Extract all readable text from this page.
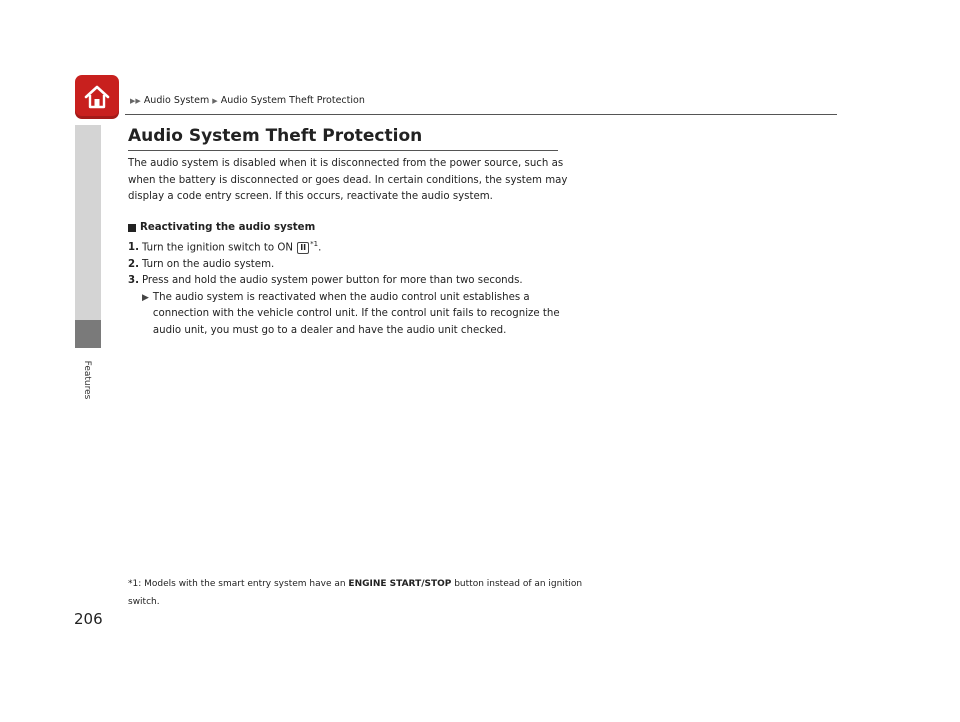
▶▶ Audio System ▶ Audio System Theft Protection
Features
Audio System Theft Protection

The audio system is disabled when it is disconnected from the power source, such as when the battery is disconnected or goes dead. In certain conditions, the system may display a code entry screen. If this occurs, reactivate the audio system.

Reactivating the audio system
1. Turn the ignition switch to ON II $^{*1}$.
2. Turn on the audio system.
3. Press and hold the audio system power button for more than two seconds.
▶ The audio system is reactivated when the audio control unit establishes a connection with the vehicle control unit. If the control unit fails to recognize the audio unit, you must go to a dealer and have the audio unit checked.
*1: Models with the smart entry system have an ENGINE START/STOP button instead of an ignition switch.
206
